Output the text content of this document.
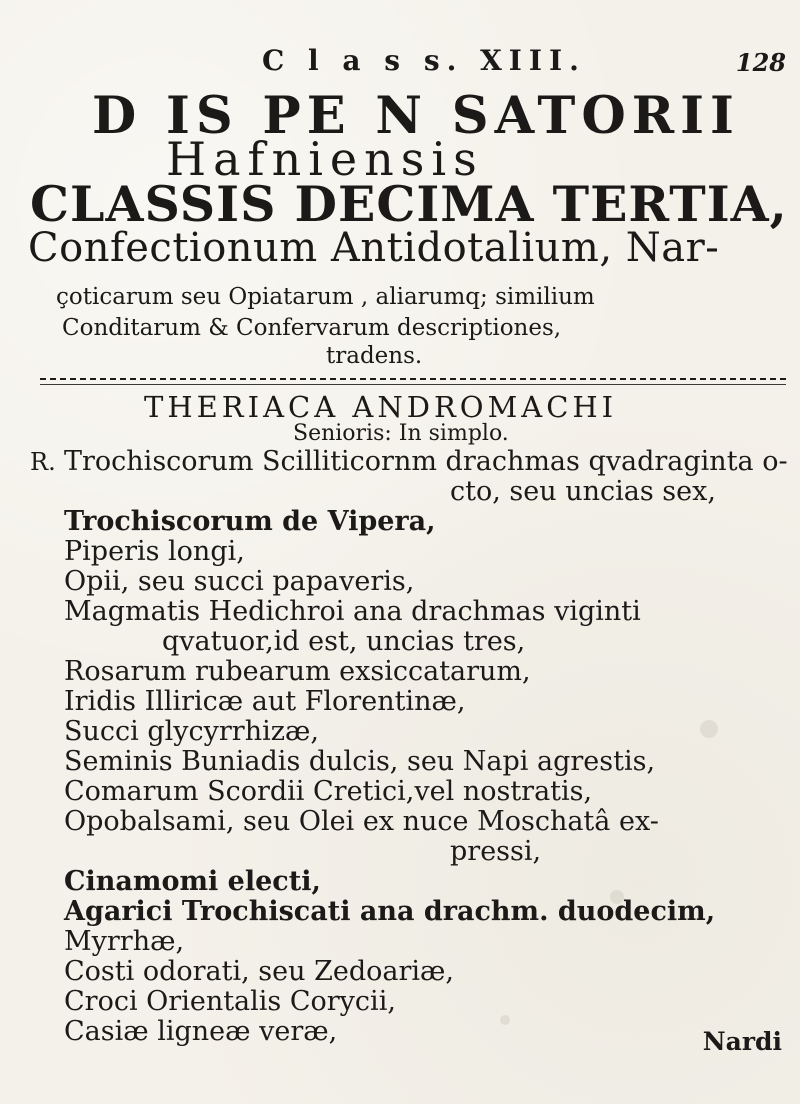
C l a s s. XIII.	128
D IS PE N SATORII
Hafniensis
CLASSIS DECIMA TERTIA,
Confectionum Antidotalium, Nar-
çoticarum seu Opiatarum , aliarumq; similium
Conditarum & Confervarum descriptiones,
tradens.
THERIACA ANDROMACHI
Senioris: In simplo.
R. Trochiscorum Scilliticornm drachmas qvadraginta o-
cto, seu uncias sex,
Trochiscorum de Vipera,
Piperis longi,
Opii, seu succi papaveris,
Magmatis Hedichroi ana drachmas viginti
qvatuor,id est, uncias tres,
Rosarum rubearum exsiccatarum,
Iridis Illiricæ aut Florentinæ,
Succi glycyrrhizæ,
Seminis Buniadis dulcis, seu Napi agrestis,
Comarum Scordii Cretici,vel nostratis,
Opobalsami, seu Olei ex nuce Moschatâ ex-
pressi,
Cinamomi electi,
Agarici Trochiscati ana drachm. duodecim,
Myrrhæ,
Costi odorati, seu Zedoariæ,
Croci Orientalis Corycii,
Casiæ ligneæ veræ,	Nardi
